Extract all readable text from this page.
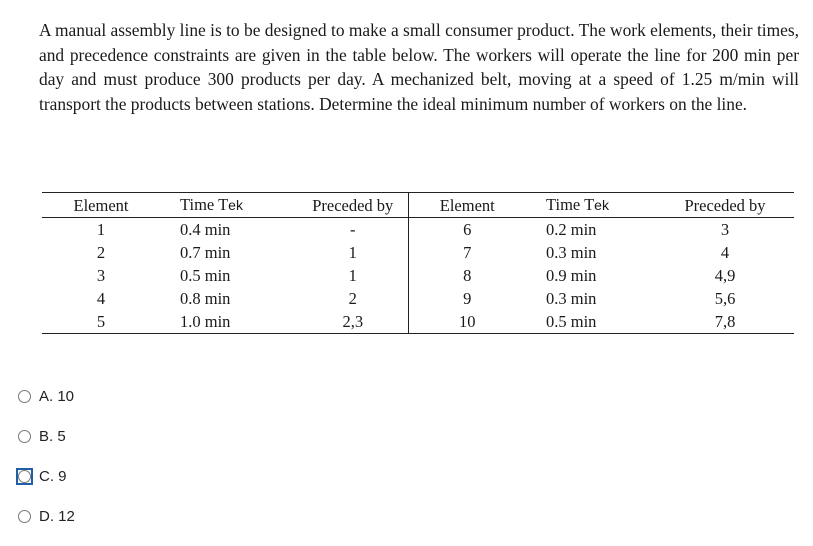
A manual assembly line is to be designed to make a small consumer product. The work elements, their times, and precedence constraints are given in the table below. The workers will operate the line for 200 min per day and must produce 300 products per day. A mechanized belt, moving at a speed of 1.25 m/min will transport the products between stations. Determine the ideal minimum number of workers on the line.
Element	Time Tek	Preceded by	Element	Time Tek	Preceded by
1	0.4 min	-	6	0.2 min	3
2	0.7 min	1	7	0.3 min	4
3	0.5 min	1	8	0.9 min	4,9
4	0.8 min	2	9	0.3 min	5,6
5	1.0 min	2,3	10	0.5 min	7,8
A. 10
B. 5
C. 9
D. 12
